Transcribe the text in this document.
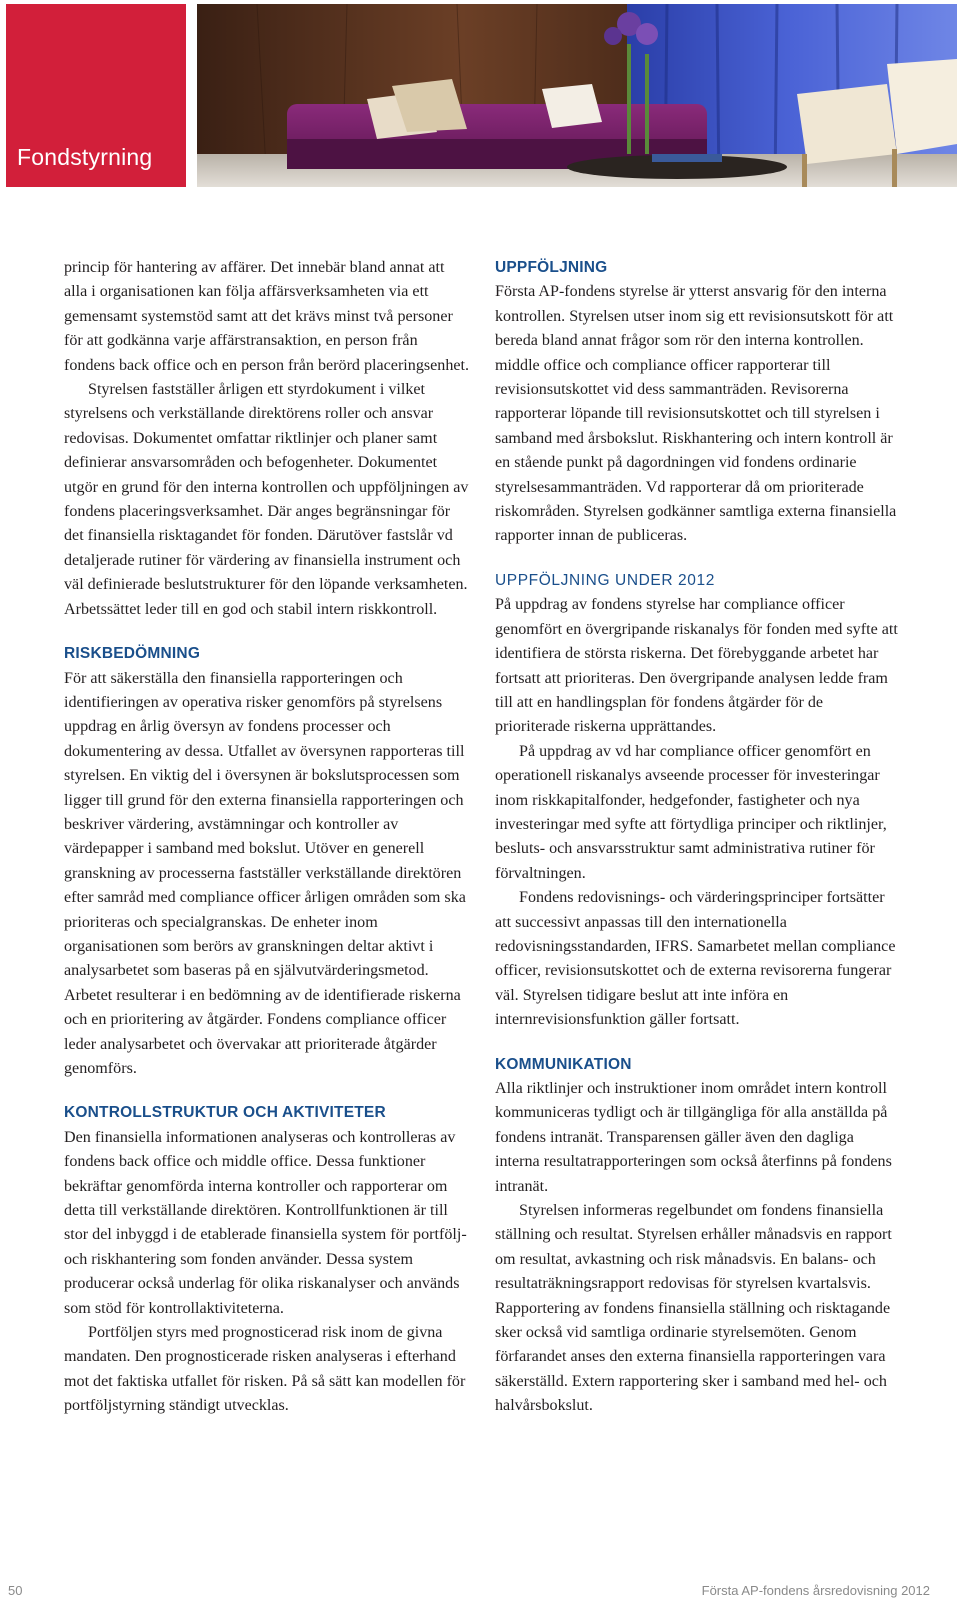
Fondstyrning

princip för hantering av affärer. Det innebär bland annat att alla i organisationen kan följa affärsverksamheten via ett gemensamt systemstöd samt att det krävs minst två personer för att godkänna varje affärstransaktion, en person från fondens back office och en person från berörd placeringsenhet.

Styrelsen fastställer årligen ett styrdokument i vilket styrelsens och verkställande direktörens roller och ansvar redovisas. Dokumentet omfattar riktlinjer och planer samt definierar ansvarsområden och befogenheter. Dokumentet utgör en grund för den interna kontrollen och uppföljningen av fondens placeringsverksamhet. Där anges begränsningar för det finansiella risktagandet för fonden. Därutöver fastslår vd detaljerade rutiner för värdering av finansiella instrument och väl definierade beslutstrukturer för den löpande verksamheten. Arbetssättet leder till en god och stabil intern riskkontroll.

RISKBEDÖMNING

För att säkerställa den finansiella rapporteringen och identifieringen av operativa risker genomförs på styrelsens uppdrag en årlig översyn av fondens processer och dokumentering av dessa. Utfallet av översynen rapporteras till styrelsen. En viktig del i översynen är bokslutsprocessen som ligger till grund för den externa finansiella rapporteringen och beskriver värdering, avstämningar och kontroller av värdepapper i samband med bokslut. Utöver en generell granskning av processerna fastställer verkställande direktören efter samråd med compliance officer årligen områden som ska prioriteras och specialgranskas. De enheter inom organisationen som berörs av granskningen deltar aktivt i analysarbetet som baseras på en självutvärderingsmetod. Arbetet resulterar i en bedömning av de identifierade riskerna och en prioritering av åtgärder. Fondens compliance officer leder analysarbetet och övervakar att prioriterade åtgärder genomförs.

KONTROLLSTRUKTUR OCH AKTIVITETER

Den finansiella informationen analyseras och kontrolleras av fondens back office och middle office. Dessa funktioner bekräftar genomförda interna kontroller och rapporterar om detta till verkställande direktören. Kontrollfunktionen är till stor del inbyggd i de etablerade finansiella system för portfölj- och riskhantering som fonden använder. Dessa system producerar också underlag för olika riskanalyser och används som stöd för kontrollaktiviteterna.

Portföljen styrs med prognosticerad risk inom de givna mandaten. Den prognosticerade risken analyseras i efterhand mot det faktiska utfallet för risken. På så sätt kan modellen för portföljstyrning ständigt utvecklas.

UPPFÖLJNING

Första AP-fondens styrelse är ytterst ansvarig för den interna kontrollen. Styrelsen utser inom sig ett revisionsutskott för att bereda bland annat frågor som rör den interna kontrollen. middle office och compliance officer rapporterar till revisionsutskottet vid dess sammanträden. Revisorerna rapporterar löpande till revisionsutskottet och till styrelsen i samband med årsbokslut. Riskhantering och intern kontroll är en stående punkt på dagordningen vid fondens ordinarie styrelsesammanträden. Vd rapporterar då om prioriterade riskområden. Styrelsen godkänner samtliga externa finansiella rapporter innan de publiceras.

UPPFÖLJNING UNDER 2012

På uppdrag av fondens styrelse har compliance officer genomfört en övergripande riskanalys för fonden med syfte att identifiera de största riskerna. Det förebyggande arbetet har fortsatt att prioriteras. Den övergripande analysen ledde fram till att en handlingsplan för fondens åtgärder för de prioriterade riskerna upprättandes.

På uppdrag av vd har compliance officer genomfört en operationell riskanalys avseende processer för investeringar inom riskkapitalfonder, hedgefonder, fastigheter och nya investeringar med syfte att förtydliga principer och riktlinjer, besluts- och ansvarsstruktur samt administrativa rutiner för förvaltningen.

Fondens redovisnings- och värderingsprinciper fortsätter att successivt anpassas till den internationella redovisningsstandarden, IFRS. Samarbetet mellan compliance officer, revisionsutskottet och de externa revisorerna fungerar väl. Styrelsen tidigare beslut att inte införa en internrevisionsfunktion gäller fortsatt.

KOMMUNIKATION

Alla riktlinjer och instruktioner inom området intern kontroll kommuniceras tydligt och är tillgängliga för alla anställda på fondens intranät. Transparensen gäller även den dagliga interna resultatrapporteringen som också återfinns på fondens intranät.

Styrelsen informeras regelbundet om fondens finansiella ställning och resultat. Styrelsen erhåller månadsvis en rapport om resultat, avkastning och risk månadsvis. En balans- och resultaträkningsrapport redovisas för styrelsen kvartalsvis. Rapportering av fondens finansiella ställning och risktagande sker också vid samtliga ordinarie styrelsemöten. Genom förfarandet anses den externa finansiella rapporteringen vara säkerställd. Extern rapportering sker i samband med hel- och halvårsbokslut.

50	Första AP-fondens årsredovisning 2012
